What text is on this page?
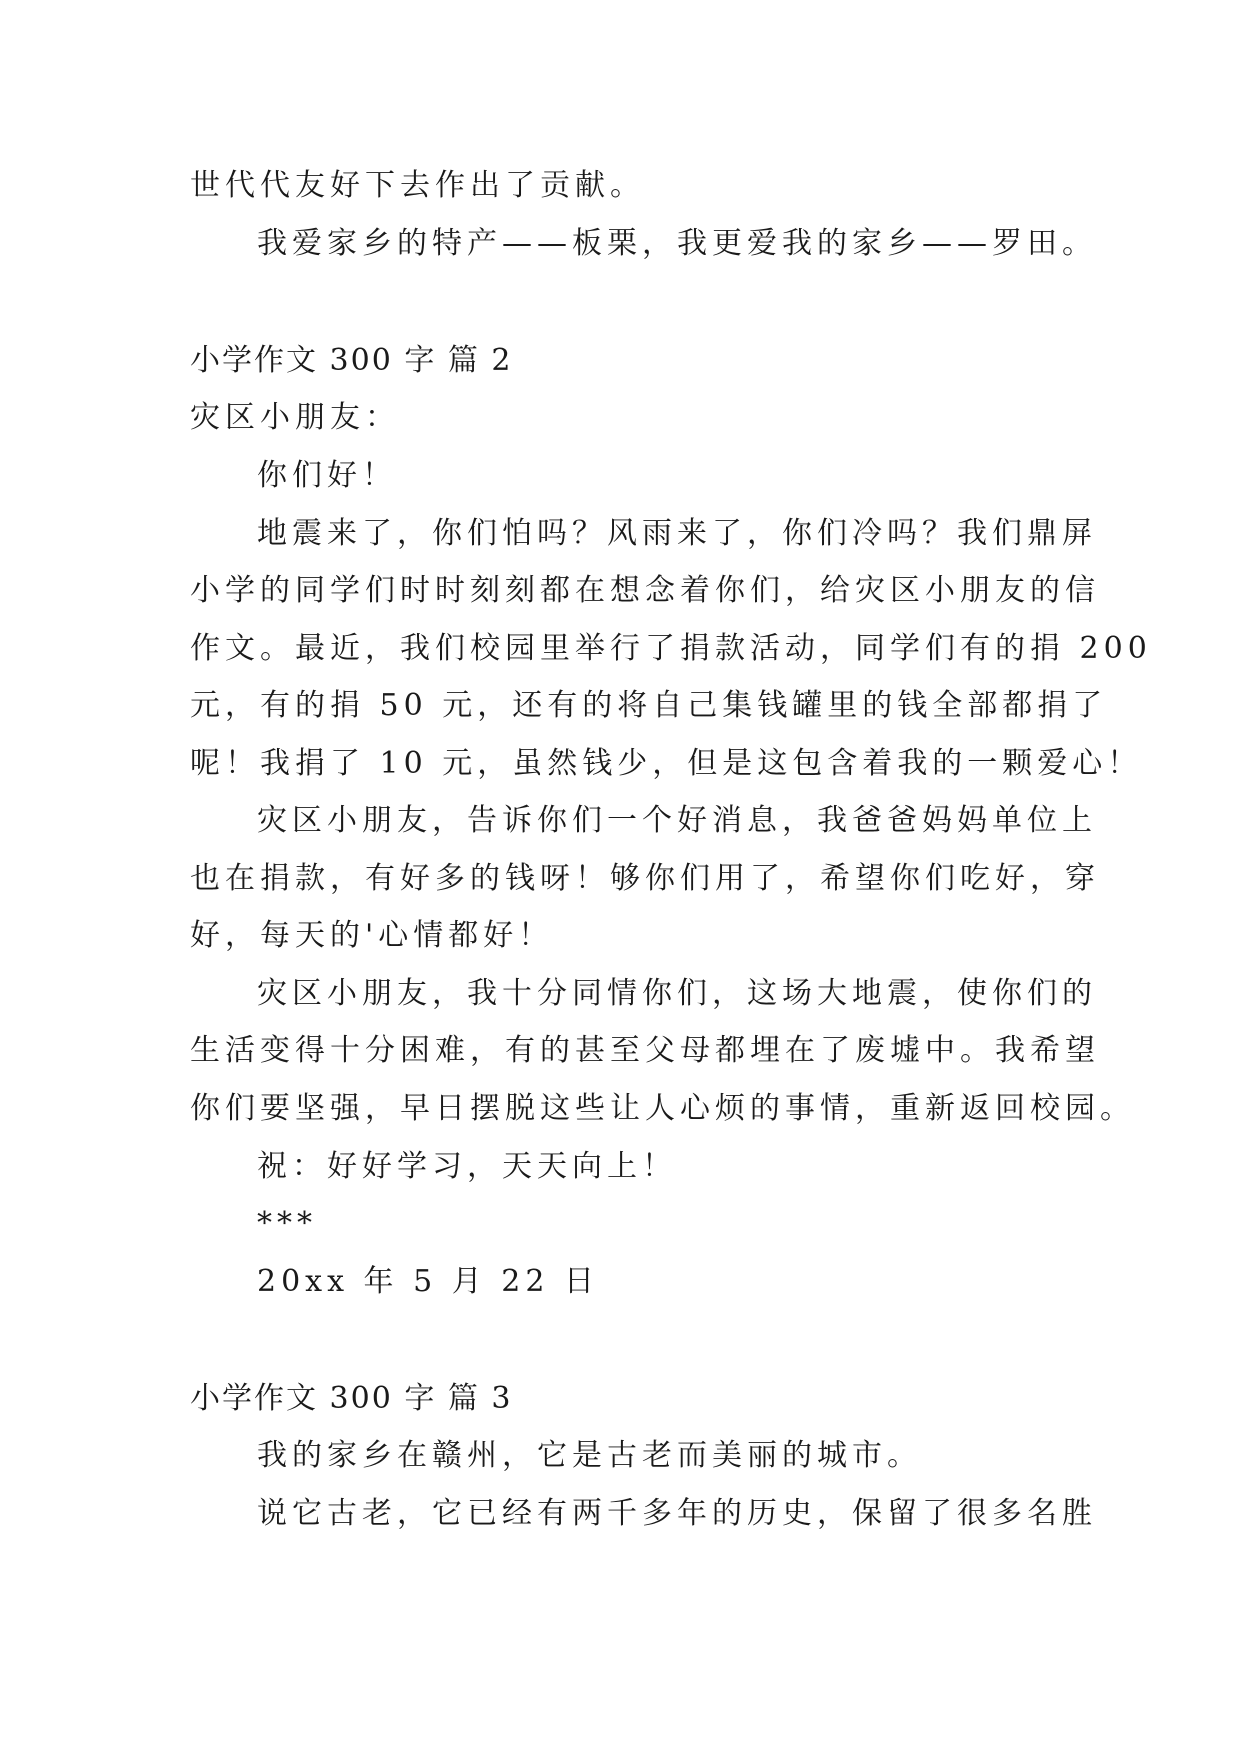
世代代友好下去作出了贡献。
我爱家乡的特产——板栗，我更爱我的家乡——罗田。
小学作文 300 字 篇 2
灾区小朋友：
你们好！
地震来了，你们怕吗？风雨来了，你们冷吗？我们鼎屏
小学的同学们时时刻刻都在想念着你们，给灾区小朋友的信
作文。最近，我们校园里举行了捐款活动，同学们有的捐 200
元，有的捐 50 元，还有的将自己集钱罐里的钱全部都捐了
呢！我捐了 10 元，虽然钱少，但是这包含着我的一颗爱心！
灾区小朋友，告诉你们一个好消息，我爸爸妈妈单位上
也在捐款，有好多的钱呀！够你们用了，希望你们吃好，穿
好，每天的'心情都好！
灾区小朋友，我十分同情你们，这场大地震，使你们的
生活变得十分困难，有的甚至父母都埋在了废墟中。我希望
你们要坚强，早日摆脱这些让人心烦的事情，重新返回校园。
祝：好好学习，天天向上！
***
20xx 年 5 月 22 日
小学作文 300 字 篇 3
我的家乡在赣州，它是古老而美丽的城市。
说它古老，它已经有两千多年的历史，保留了很多名胜
